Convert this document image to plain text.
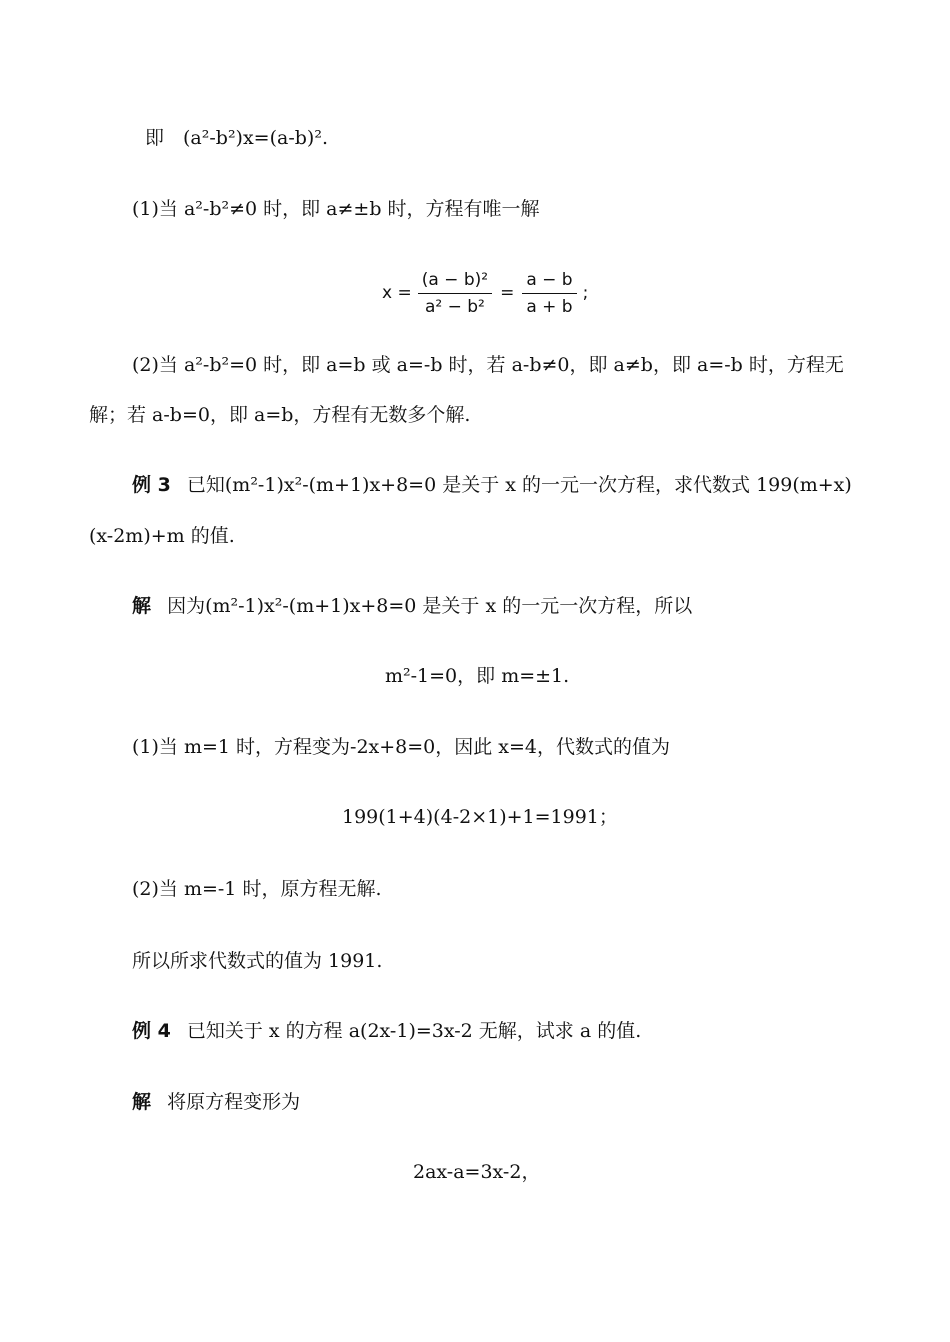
即　(a²-b²)x=(a-b)².
(1)当 a²-b²≠0 时，即 a≠±b 时，方程有唯一解
$x = \frac{\text{(a − b)²}}{\text{a² − b²}} = \frac{a - b}{a + b}$ ;
(2)当 a²-b²=0 时，即 a=b 或 a=-b 时，若 a-b≠0，即 a≠b，即 a=-b 时，方程无
解；若 a-b=0，即 a=b，方程有无数多个解.
例 3 已知(m²-1)x²-(m+1)x+8=0 是关于 x 的一元一次方程，求代数式 199(m+x)
(x-2m)+m 的值.
解 因为(m²-1)x²-(m+1)x+8=0 是关于 x 的一元一次方程，所以
m²-1=0，即 m=±1.
(1)当 m=1 时，方程变为-2x+8=0，因此 x=4，代数式的值为
199(1+4)(4-2×1)+1=1991；
(2)当 m=-1 时，原方程无解.
所以所求代数式的值为 1991.
例 4 已知关于 x 的方程 a(2x-1)=3x-2 无解，试求 a 的值.
解 将原方程变形为
2ax-a=3x-2，
